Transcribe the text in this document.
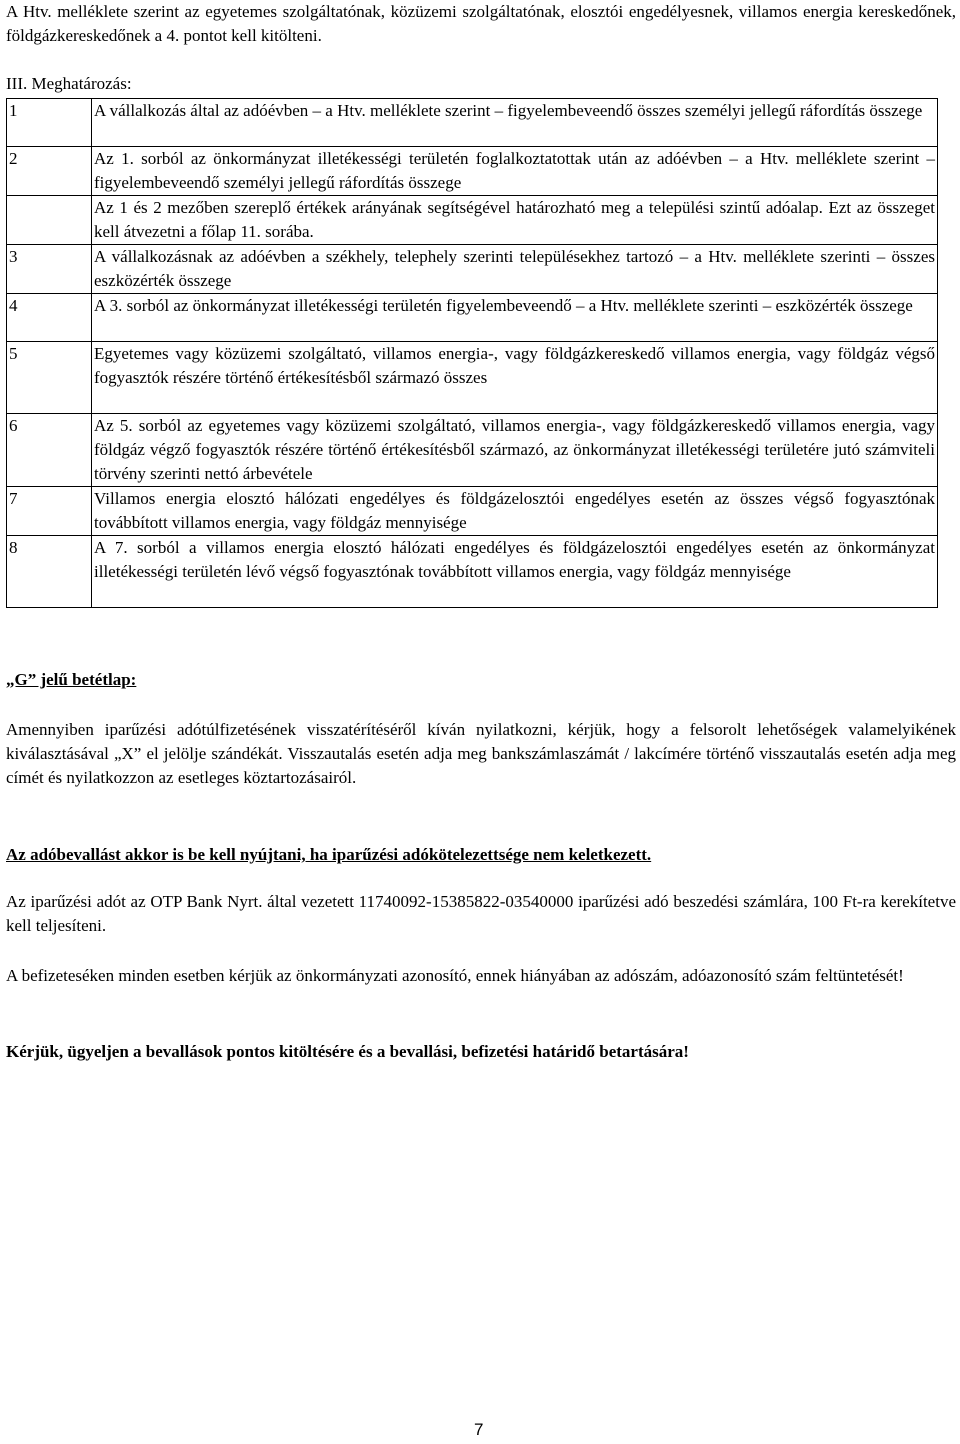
A Htv. melléklete szerint az egyetemes szolgáltatónak, közüzemi szolgáltatónak, elosztói engedélyesnek, villamos energia kereskedőnek, földgázkereskedőnek a 4. pontot kell kitölteni.
III. Meghatározás:
1	A vállalkozás által az adóévben – a Htv. melléklete szerint – figyelembeveendő összes személyi jellegű ráfordítás összege
2	Az 1. sorból az önkormányzat illetékességi területén foglalkoztatottak után az adóévben – a Htv. melléklete szerint – figyelembeveendő személyi jellegű ráfordítás összege
	Az 1 és 2 mezőben szereplő értékek arányának segítségével határozható meg a települési szintű adóalap. Ezt az összeget kell átvezetni a főlap 11. sorába.
3	A vállalkozásnak az adóévben a székhely, telephely szerinti településekhez tartozó – a Htv. melléklete szerinti – összes eszközérték összege
4	A 3. sorból az önkormányzat illetékességi területén figyelembeveendő – a Htv. melléklete szerinti – eszközérték összege
5	Egyetemes vagy közüzemi szolgáltató, villamos energia-, vagy földgázkereskedő villamos energia, vagy földgáz végső fogyasztók részére történő értékesítésből származó összes
6	Az 5. sorból az egyetemes vagy közüzemi szolgáltató, villamos energia-, vagy földgázkereskedő villamos energia, vagy földgáz végző fogyasztók részére történő értékesítésből származó, az önkormányzat illetékességi területére jutó számviteli törvény szerinti nettó árbevétele
7	Villamos energia elosztó hálózati engedélyes és földgázelosztói engedélyes esetén az összes végső fogyasztónak továbbított villamos energia, vagy földgáz mennyisége
8	A 7. sorból a villamos energia elosztó hálózati engedélyes és földgázelosztói engedélyes esetén az önkormányzat illetékességi területén lévő végső fogyasztónak továbbított villamos energia, vagy földgáz mennyisége
„G” jelű betétlap:
Amennyiben iparűzési adótúlfizetésének visszatérítéséről kíván nyilatkozni, kérjük, hogy a felsorolt lehetőségek valamelyikének kiválasztásával „X” el jelölje szándékát. Visszautalás esetén adja meg bankszámlaszámát / lakcímére történő visszautalás esetén adja meg címét és nyilatkozzon az esetleges köztartozásairól.
Az adóbevallást akkor is be kell nyújtani, ha iparűzési adókötelezettsége nem keletkezett.
Az iparűzési adót az OTP Bank Nyrt. által vezetett 11740092-15385822-03540000 iparűzési adó beszedési számlára, 100 Ft-ra kerekítetve kell teljesíteni.
A befizeteséken minden esetben kérjük az önkormányzati azonosító, ennek hiányában az adószám, adóazonosító szám feltüntetését!
Kérjük, ügyeljen a bevallások pontos kitöltésére és a bevallási, befizetési határidő betartására!
7
